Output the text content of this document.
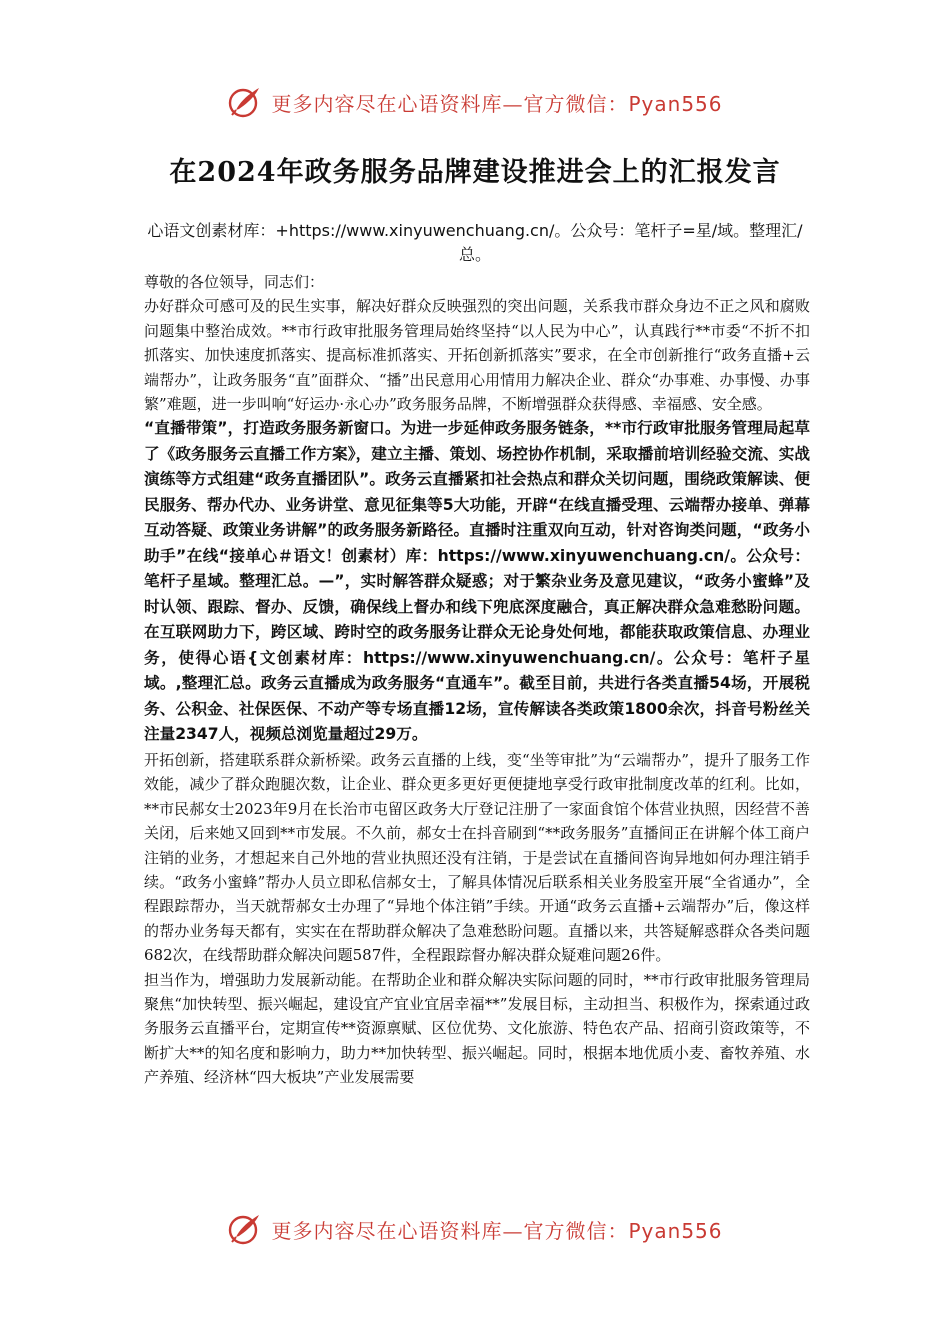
更多内容尽在心语资料库—官方微信：Pyan556
在2024年政务服务品牌建设推进会上的汇报发言
心语文创素材库：+https://www.xinyuwenchuang.cn/。公众号：笔杆子=星/域。整理汇/总。

尊敬的各位领导，同志们：

办好群众可感可及的民生实事，解决好群众反映强烈的突出问题，关系我市群众身边不正之风和腐败问题集中整治成效。**市行政审批服务管理局始终坚持“以人民为中心”，认真践行**市委“不折不扣抓落实、加快速度抓落实、提高标准抓落实、开拓创新抓落实”要求，在全市创新推行“政务直播+云端帮办”，让政务服务“直”面群众、“播”出民意用心用情用力解决企业、群众“办事难、办事慢、办事繁”难题，进一步叫响“好运办·永心办”政务服务品牌，不断增强群众获得感、幸福感、安全感。

“直播带策”，打造政务服务新窗口。为进一步延伸政务服务链条，**市行政审批服务管理局起草了《政务服务云直播工作方案》，建立主播、策划、场控协作机制，采取播前培训经验交流、实战演练等方式组建“政务直播团队”。政务云直播紧扣社会热点和群众关切问题，围绕政策解读、便民服务、帮办代办、业务讲堂、意见征集等5大功能，开辟“在线直播受理、云端帮办接单、弹幕互动答疑、政策业务讲解”的政务服务新路径。直播时注重双向互动，针对咨询类问题，“政务小助手”在线“接单心＃语文！创素材）库：https://www.xinyuwenchuang.cn/。公众号：笔杆子星域。整理汇总。—”，实时解答群众疑惑；对于繁杂业务及意见建议，“政务小蜜蜂”及时认领、跟踪、督办、反馈，确保线上督办和线下兜底深度融合，真正解决群众急难愁盼问题。在互联网助力下，跨区域、跨时空的政务服务让群众无论身处何地，都能获取政策信息、办理业务，使得心语{文创素材库：https://www.xinyuwenchuang.cn/。公众号：笔杆子星域。,整理汇总。政务云直播成为政务服务“直通车”。截至目前，共进行各类直播54场，开展税务、公积金、社保医保、不动产等专场直播12场，宣传解读各类政策1800余次，抖音号粉丝关注量2347人，视频总浏览量超过29万。

开拓创新，搭建联系群众新桥梁。政务云直播的上线，变“坐等审批”为“云端帮办”，提升了服务工作效能，减少了群众跑腿次数，让企业、群众更多更好更便捷地享受行政审批制度改革的红利。比如，**市民郝女士2023年9月在长治市屯留区政务大厅登记注册了一家面食馆个体营业执照，因经营不善关闭，后来她又回到**市发展。不久前，郝女士在抖音刷到“**政务服务”直播间正在讲解个体工商户注销的业务，才想起来自己外地的营业执照还没有注销，于是尝试在直播间咨询异地如何办理注销手续。“政务小蜜蜂”帮办人员立即私信郝女士，了解具体情况后联系相关业务股室开展“全省通办”，全程跟踪帮办，当天就帮郝女士办理了“异地个体注销”手续。开通“政务云直播+云端帮办”后，像这样的帮办业务每天都有，实实在在帮助群众解决了急难愁盼问题。直播以来，共答疑解惑群众各类问题682次，在线帮助群众解决问题587件，全程跟踪督办解决群众疑难问题26件。

担当作为，增强助力发展新动能。在帮助企业和群众解决实际问题的同时，**市行政审批服务管理局聚焦“加快转型、振兴崛起，建设宜产宜业宜居幸福**”发展目标，主动担当、积极作为，探索通过政务服务云直播平台，定期宣传**资源禀赋、区位优势、文化旅游、特色农产品、招商引资政策等，不断扩大**的知名度和影响力，助力**加快转型、振兴崛起。同时，根据本地优质小麦、畜牧养殖、水产养殖、经济林“四大板块”产业发展需要

更多内容尽在心语资料库—官方微信：Pyan556
